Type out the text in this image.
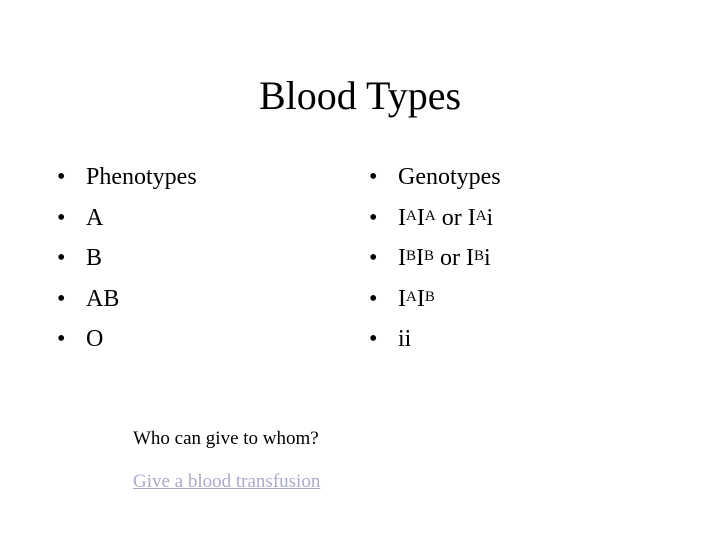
Blood Types
• Phenotypes
• A
• B
• AB
• O
• Genotypes
• $I^AI^A$ or $I^Ai$
• $I^BI^B$ or $I^Bi$
• $I^AI^B$
• ii
Who can give to whom?
Give a blood transfusion
